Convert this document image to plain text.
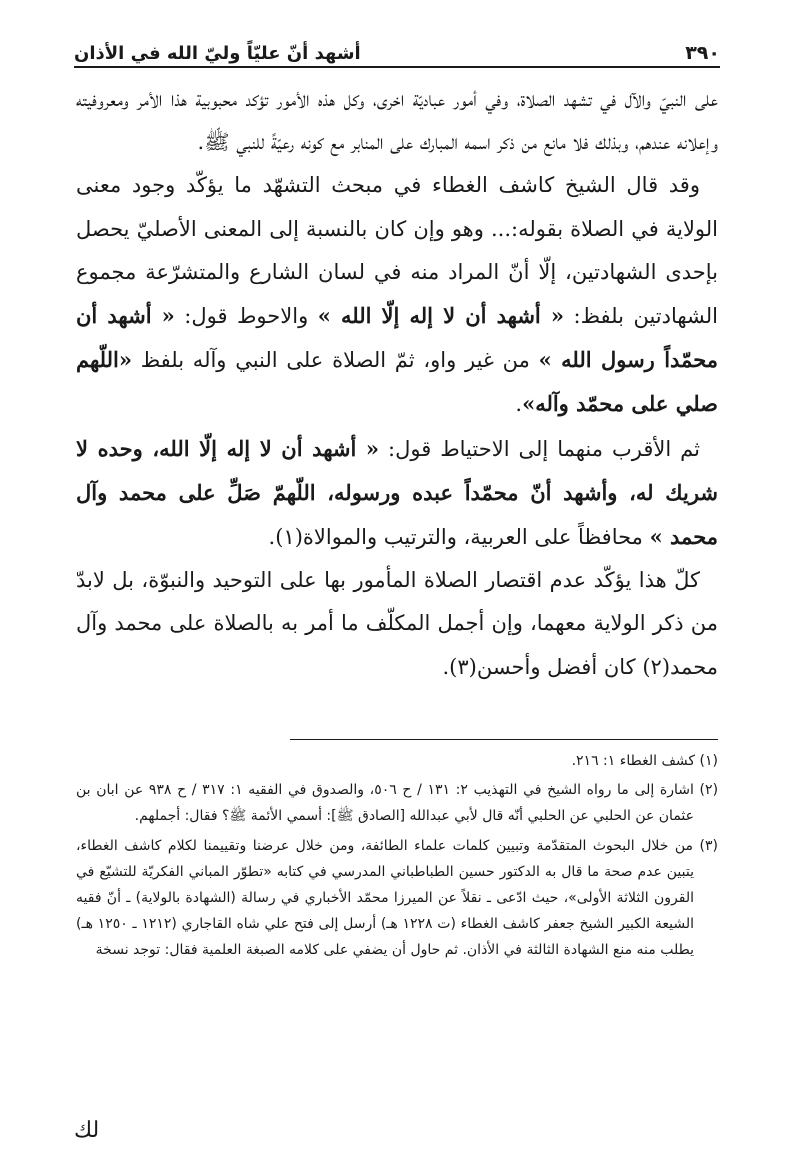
٣٩٠
أشهد أنّ عليّاً وليّ الله في الأذان

على النبيّ والآل في تشهد الصلاة، وفي أمور عباديّة اخرى، وكل هذه الأمور تؤكد محبوبية هذا الأمر ومعروفيته وإعلانه عندهم، وبذلك فلا مانع من ذكر اسمه المبارك على المنابر مع كونه رعيّةً للنبي ﷺ.

وقد قال الشيخ كاشف الغطاء في مبحث التشهّد ما يؤكّد وجود معنى الولاية في الصلاة بقوله:... وهو وإن كان بالنسبة إلى المعنى الأصليّ يحصل بإحدى الشهادتين، إلّا أنّ المراد منه في لسان الشارع والمتشرّعة مجموع الشهادتين بلفظ: « أشهد أن لا إله إلّا الله » والاحوط قول: « أشهد أن محمّداً رسول الله » من غير واو، ثمّ الصلاة على النبي وآله بلفظ «اللّهم صلي على محمّد وآله».

ثم الأقرب منهما إلى الاحتياط قول: « أشهد أن لا إله إلّا الله، وحده لا شريك له، وأشهد أنّ محمّداً عبده ورسوله، اللّهمّ صَلِّ على محمد وآل محمد » محافظاً على العربية، والترتيب والموالاة(١).

كلّ هذا يؤكّد عدم اقتصار الصلاة المأمور بها على التوحيد والنبوّة، بل لابدّ من ذكر الولاية معهما، وإن أجمل المكلّف ما أمر به بالصلاة على محمد وآل محمد(٢) كان أفضل وأحسن(٣).

(١) كشف الغطاء ١: ٢١٦.

(٢) اشارة إلى ما رواه الشيخ في التهذيب ٢: ١٣١ / ح ٥٠٦، والصدوق في الفقيه ١: ٣١٧ / ح ٩٣٨ عن ابان بن عثمان عن الحلبي عن الحلبي أنّه قال لأبي عبدالله [الصادق ﷺ]: أسمي الأئمة ﷺ؟ فقال: أجملهم.

(٣) من خلال البحوث المتقدّمة وتبيين كلمات علماء الطائفة، ومن خلال عرضنا وتقييمنا لكلام كاشف الغطاء، يتبين عدم صحة ما قال به الدكتور حسين الطباطباني المدرسي في كتابه «تطوّر المباني الفكريّة للتشيّع في القرون الثلاثة الأولى»، حيث ادّعى ـ نقلاً عن الميرزا محمّد الأخباري في رسالة (الشهادة بالولاية) ـ أنّ فقيه الشيعة الكبير الشيخ جعفر كاشف الغطاء (ت ١٢٢٨ هـ) أرسل إلى فتح علي شاه القاجاري (١٢١٢ ـ ١٢٥٠ هـ) يطلب منه منع الشهادة الثالثة في الأذان. ثم حاول أن يضفي على كلامه الصبغة العلمية فقال: توجد نسخة

لك
